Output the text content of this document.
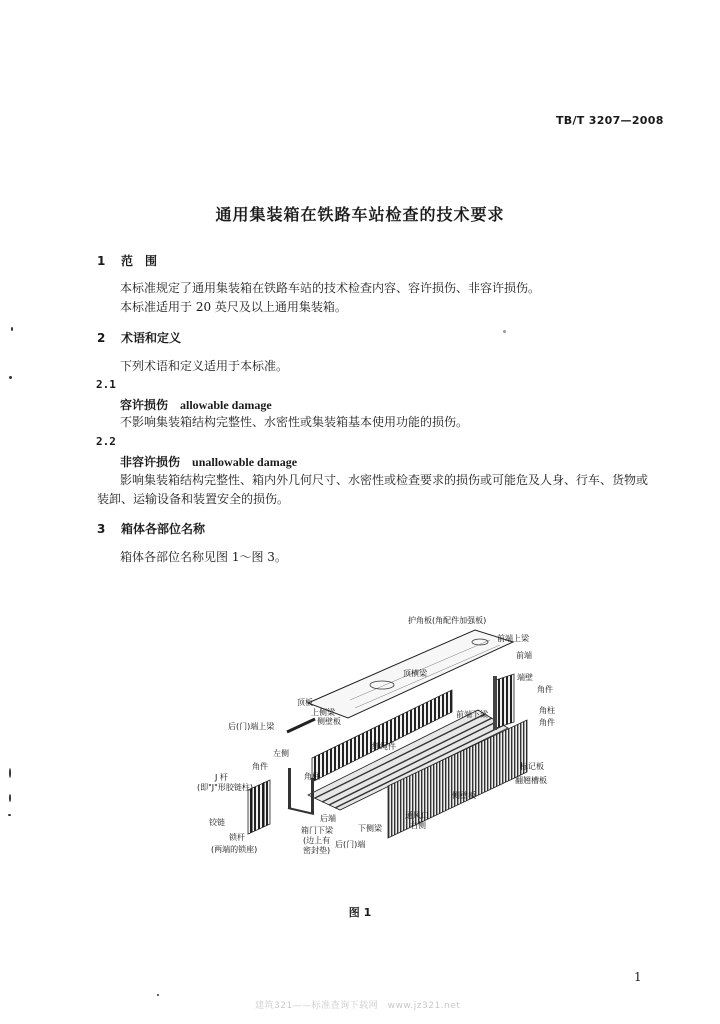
TB/T 3207—2008
通用集装箱在铁路车站检查的技术要求
1 范　围
本标准规定了通用集装箱在铁路车站的技术检查内容、容许损伤、非容许损伤。
本标准适用于 20 英尺及以上通用集装箱。
2 术语和定义
下列术语和定义适用于本标准。
2.1
容许损伤 allowable damage
不影响集装箱结构完整性、水密性或集装箱基本使用功能的损伤。
2.2
非容许损伤 unallowable damage
影响集装箱结构完整性、箱内外几何尺寸、水密性或检查要求的损伤或可能危及人身、行车、货物或
装卸、运输设备和装置安全的损伤。
3 箱体各部位名称
箱体各部位名称见图 1～图 3。
护角板(角配件加强板)
前端上梁
前端
顶横梁	端壁
角件
顶板
角柱
上侧梁	前端下梁
侧壁板	角件
后(门)端上梁
绑绳件
左侧
角件	标记板
角柱
J 杆	翻翘槽板
(即"J"形胶链柱)
侧壁板
通风口
后端
铰链	右侧
下侧梁
箱门下梁
锁杆	(边上有 后(门)端
(两端的锁座)	密封垫)
图 1
1
建筑321——标准查询下载网　www.jz321.net
